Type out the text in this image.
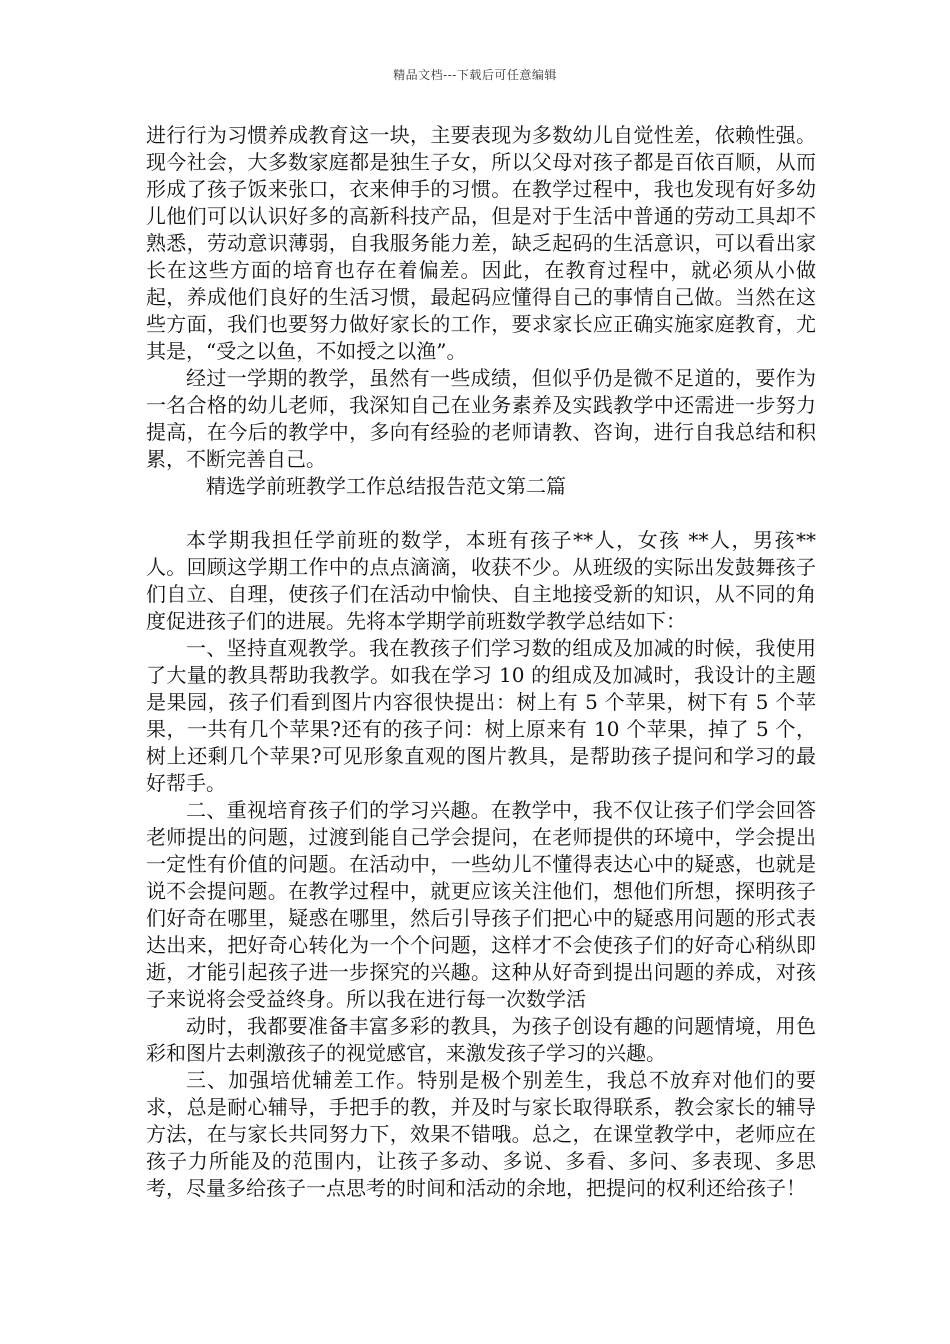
精品文档---下载后可任意编辑

进行行为习惯养成教育这一块，主要表现为多数幼儿自觉性差，依赖性强。现今社会，大多数家庭都是独生子女，所以父母对孩子都是百依百顺，从而形成了孩子饭来张口，衣来伸手的习惯。在教学过程中，我也发现有好多幼儿他们可以认识好多的高新科技产品，但是对于生活中普通的劳动工具却不熟悉，劳动意识薄弱，自我服务能力差，缺乏起码的生活意识，可以看出家长在这些方面的培育也存在着偏差。因此，在教育过程中，就必须从小做起，养成他们良好的生活习惯，最起码应懂得自己的事情自己做。当然在这些方面，我们也要努力做好家长的工作，要求家长应正确实施家庭教育，尤其是，“受之以鱼，不如授之以渔”。

经过一学期的教学，虽然有一些成绩，但似乎仍是微不足道的，要作为一名合格的幼儿老师，我深知自己在业务素养及实践教学中还需进一步努力提高，在今后的教学中，多向有经验的老师请教、咨询，进行自我总结和积累，不断完善自己。

精选学前班教学工作总结报告范文第二篇

本学期我担任学前班的数学，本班有孩子**人，女孩 **人，男孩** 人。回顾这学期工作中的点点滴滴，收获不少。从班级的实际出发鼓舞孩子们自立、自理，使孩子们在活动中愉快、自主地接受新的知识，从不同的角度促进孩子们的进展。先将本学期学前班数学教学总结如下：

一、坚持直观教学。我在教孩子们学习数的组成及加减的时候，我使用了大量的教具帮助我教学。如我在学习 10 的组成及加减时，我设计的主题是果园，孩子们看到图片内容很快提出：树上有 5 个苹果，树下有 5 个苹果，一共有几个苹果?还有的孩子问：树上原来有 10 个苹果，掉了 5 个，树上还剩几个苹果?可见形象直观的图片教具，是帮助孩子提问和学习的最好帮手。

二、重视培育孩子们的学习兴趣。在教学中，我不仅让孩子们学会回答老师提出的问题，过渡到能自己学会提问，在老师提供的环境中，学会提出一定性有价值的问题。在活动中，一些幼儿不懂得表达心中的疑惑，也就是说不会提问题。在教学过程中，就更应该关注他们，想他们所想，探明孩子们好奇在哪里，疑惑在哪里，然后引导孩子们把心中的疑惑用问题的形式表达出来，把好奇心转化为一个个问题，这样才不会使孩子们的好奇心稍纵即逝，才能引起孩子进一步探究的兴趣。这种从好奇到提出问题的养成，对孩子来说将会受益终身。所以我在进行每一次数学活

动时，我都要准备丰富多彩的教具，为孩子创设有趣的问题情境，用色彩和图片去刺激孩子的视觉感官，来激发孩子学习的兴趣。

三、加强培优辅差工作。特别是极个别差生，我总不放弃对他们的要求，总是耐心辅导，手把手的教，并及时与家长取得联系，教会家长的辅导方法，在与家长共同努力下，效果不错哦。总之，在课堂教学中，老师应在孩子力所能及的范围内，让孩子多动、多说、多看、多问、多表现、多思考，尽量多给孩子一点思考的时间和活动的余地，把提问的权利还给孩子！
